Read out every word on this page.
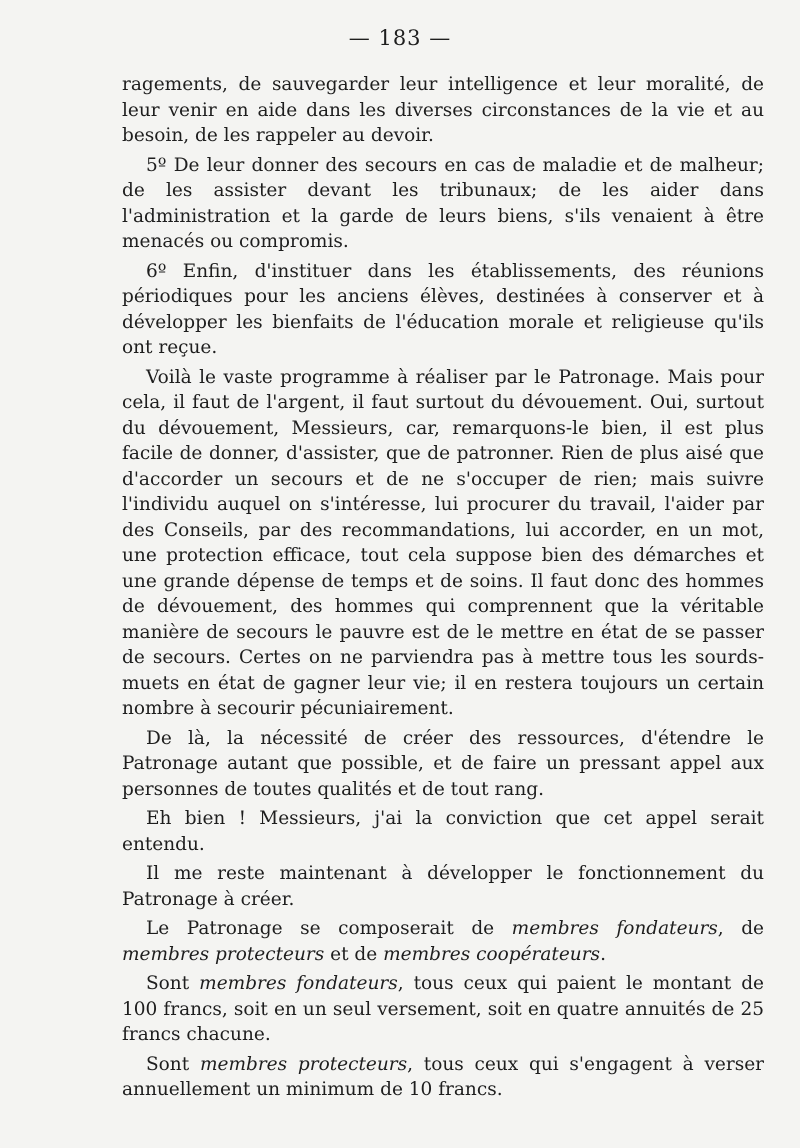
— 183 —

ragements, de sauvegarder leur intelligence et leur moralité, de leur venir en aide dans les diverses circonstances de la vie et au besoin, de les rappeler au devoir.

5º De leur donner des secours en cas de maladie et de malheur; de les assister devant les tribunaux; de les aider dans l'administration et la garde de leurs biens, s'ils venaient à être menacés ou compromis.

6º Enfin, d'instituer dans les établissements, des réunions périodiques pour les anciens élèves, destinées à conserver et à développer les bienfaits de l'éducation morale et religieuse qu'ils ont reçue.

Voilà le vaste programme à réaliser par le Patronage. Mais pour cela, il faut de l'argent, il faut surtout du dévouement. Oui, surtout du dévouement, Messieurs, car, remarquons-le bien, il est plus facile de donner, d'assister, que de patronner. Rien de plus aisé que d'accorder un secours et de ne s'occuper de rien; mais suivre l'individu auquel on s'intéresse, lui procurer du travail, l'aider par des Conseils, par des recommandations, lui accorder, en un mot, une protection efficace, tout cela suppose bien des démarches et une grande dépense de temps et de soins. Il faut donc des hommes de dévouement, des hommes qui comprennent que la véritable manière de secours le pauvre est de le mettre en état de se passer de secours. Certes on ne parviendra pas à mettre tous les sourds-muets en état de gagner leur vie; il en restera toujours un certain nombre à secourir pécuniairement.

De là, la nécessité de créer des ressources, d'étendre le Patronage autant que possible, et de faire un pressant appel aux personnes de toutes qualités et de tout rang.

Eh bien ! Messieurs, j'ai la conviction que cet appel serait entendu.

Il me reste maintenant à développer le fonctionnement du Patronage à créer.

Le Patronage se composerait de membres fondateurs, de membres protecteurs et de membres coopérateurs.

Sont membres fondateurs, tous ceux qui paient le montant de 100 francs, soit en un seul versement, soit en quatre annuités de 25 francs chacune.

Sont membres protecteurs, tous ceux qui s'engagent à verser annuellement un minimum de 10 francs.
